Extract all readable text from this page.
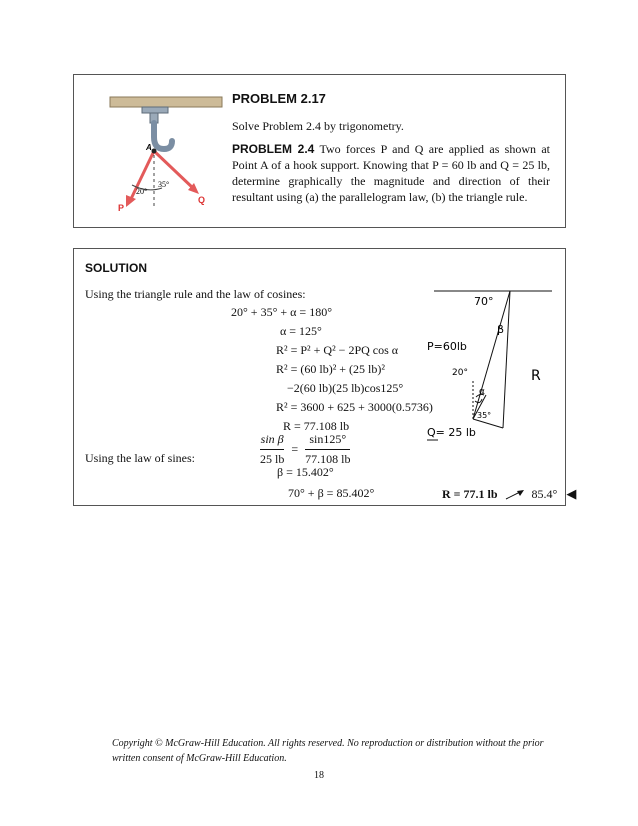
A
20°
35°
P
Q
PROBLEM 2.17
Solve Problem 2.4 by trigonometry.
PROBLEM 2.4 Two forces P and Q are applied as shown at Point A of a hook support. Knowing that P = 60 lb and Q = 25 lb, determine graphically the magnitude and direction of their resultant using (a) the parallelogram law, (b) the triangle rule.
SOLUTION
Using the triangle rule and the law of cosines:
20° + 35° + α = 180°
α = 125°
R² = P² + Q² − 2PQ cos α
R² = (60 lb)² + (25 lb)²
−2(60 lb)(25 lb)cos125°
R² = 3600 + 625 + 3000(0.5736)
R = 77.108 lb
Using the law of sines:	$\frac{\text{sin β}}{25 lb} = \frac{\sin 125^\circ}{77.108 lb}$
β = 15.402°
70° + β = 85.402°	R = 77.1 lb	85.4° ◀
70°
β
P=60lb
20°
α
R
35°
Q= 25 lb
Copyright © McGraw-Hill Education. All rights reserved. No reproduction or distribution without the prior written consent of McGraw-Hill Education.
18
